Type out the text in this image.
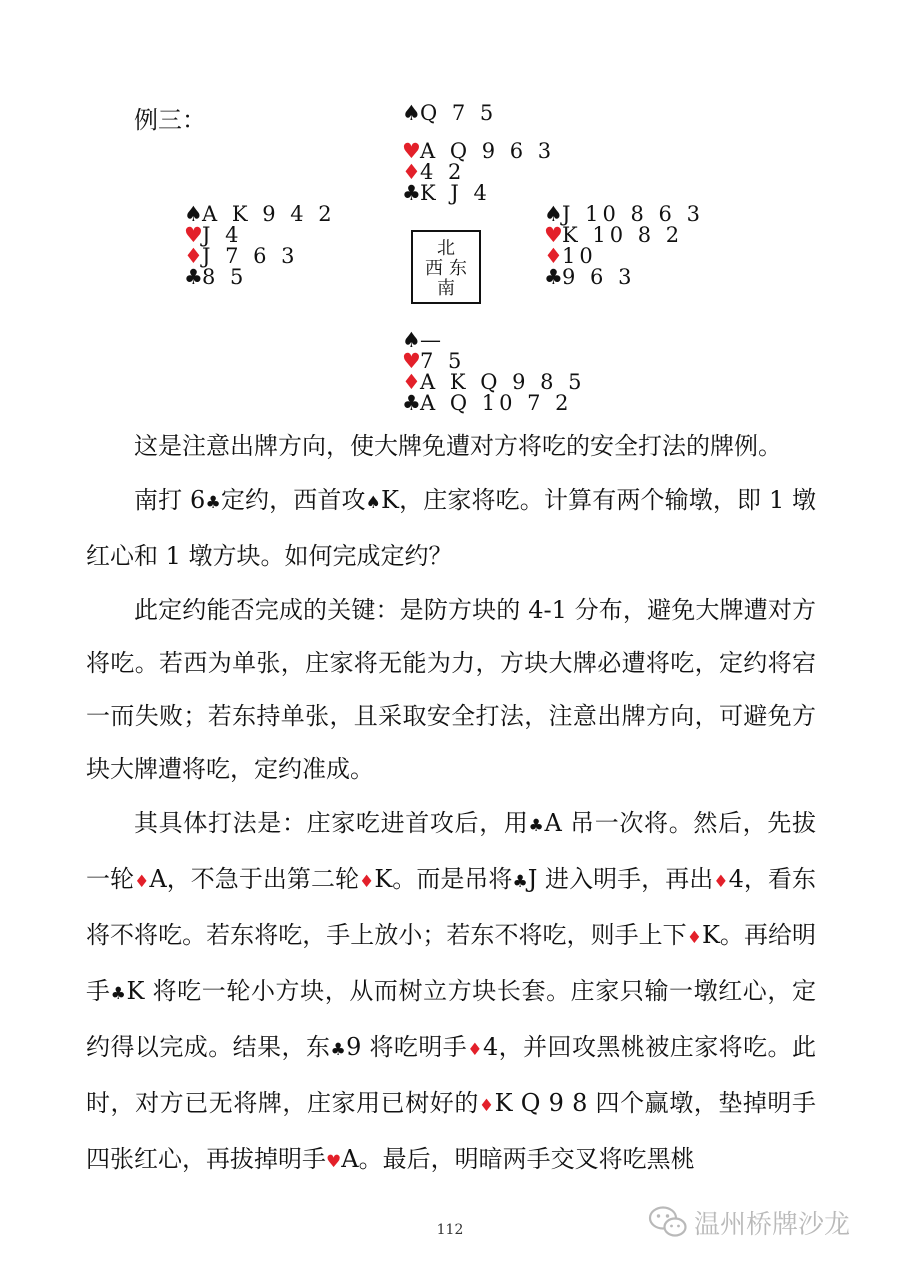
例三：	♠Q 7 5
♥A Q 9 6 3
♦4 2
♣K J 4
♠A K 9 4 2
♥J 4
♦J 7 6 3
♣8 5
北
西 东
南
♠J 10 8 6 3
♥K 10 8 2
♦10
♣9 6 3
♠—
♥7 5
♦A K Q 9 8 5
♣A Q 10 7 2

这是注意出牌方向，使大牌免遭对方将吃的安全打法的牌例。

南打 6♣定约，西首攻♠K，庄家将吃。计算有两个输墩，即 1 墩红心和 1 墩方块。如何完成定约？

此定约能否完成的关键：是防方块的 4-1 分布，避免大牌遭对方将吃。若西为单张，庄家将无能为力，方块大牌必遭将吃，定约将宕一而失败；若东持单张，且采取安全打法，注意出牌方向，可避免方块大牌遭将吃，定约准成。

其具体打法是：庄家吃进首攻后，用♣A 吊一次将。然后，先拔一轮♦A，不急于出第二轮♦K。而是吊将♣J 进入明手，再出♦4，看东将不将吃。若东将吃，手上放小；若东不将吃，则手上下♦K。再给明手♣K 将吃一轮小方块，从而树立方块长套。庄家只输一墩红心，定约得以完成。结果，东♣9 将吃明手♦4，并回攻黑桃被庄家将吃。此时，对方已无将牌，庄家用已树好的♦K Q 9 8 四个赢墩，垫掉明手四张红心，再拔掉明手♥A。最后，明暗两手交叉将吃黑桃

112	温州桥牌沙龙
